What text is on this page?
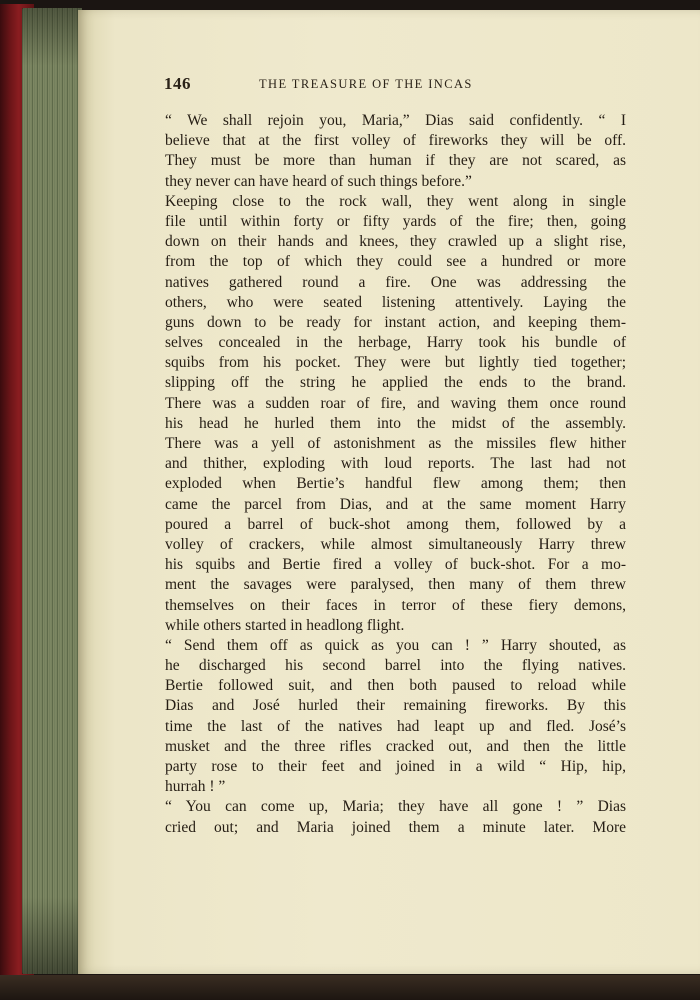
146	THE TREASURE OF THE INCAS
“ We shall rejoin you, Maria,” Dias said confidently. “ I
believe that at the first volley of fireworks they will be off.
They must be more than human if they are not scared, as
they never can have heard of such things before.”
Keeping close to the rock wall, they went along in single
file until within forty or fifty yards of the fire; then, going
down on their hands and knees, they crawled up a slight rise,
from the top of which they could see a hundred or more
natives gathered round a fire. One was addressing the
others, who were seated listening attentively. Laying the
guns down to be ready for instant action, and keeping them-
selves concealed in the herbage, Harry took his bundle of
squibs from his pocket. They were but lightly tied together;
slipping off the string he applied the ends to the brand.
There was a sudden roar of fire, and waving them once round
his head he hurled them into the midst of the assembly.
There was a yell of astonishment as the missiles flew hither
and thither, exploding with loud reports. The last had not
exploded when Bertie’s handful flew among them; then
came the parcel from Dias, and at the same moment Harry
poured a barrel of buck-shot among them, followed by a
volley of crackers, while almost simultaneously Harry threw
his squibs and Bertie fired a volley of buck-shot. For a mo-
ment the savages were paralysed, then many of them threw
themselves on their faces in terror of these fiery demons,
while others started in headlong flight.
“ Send them off as quick as you can ! ” Harry shouted, as
he discharged his second barrel into the flying natives.
Bertie followed suit, and then both paused to reload while
Dias and José hurled their remaining fireworks. By this
time the last of the natives had leapt up and fled. José’s
musket and the three rifles cracked out, and then the little
party rose to their feet and joined in a wild “ Hip, hip,
hurrah ! ”
“ You can come up, Maria; they have all gone ! ” Dias
cried out; and Maria joined them a minute later. More
